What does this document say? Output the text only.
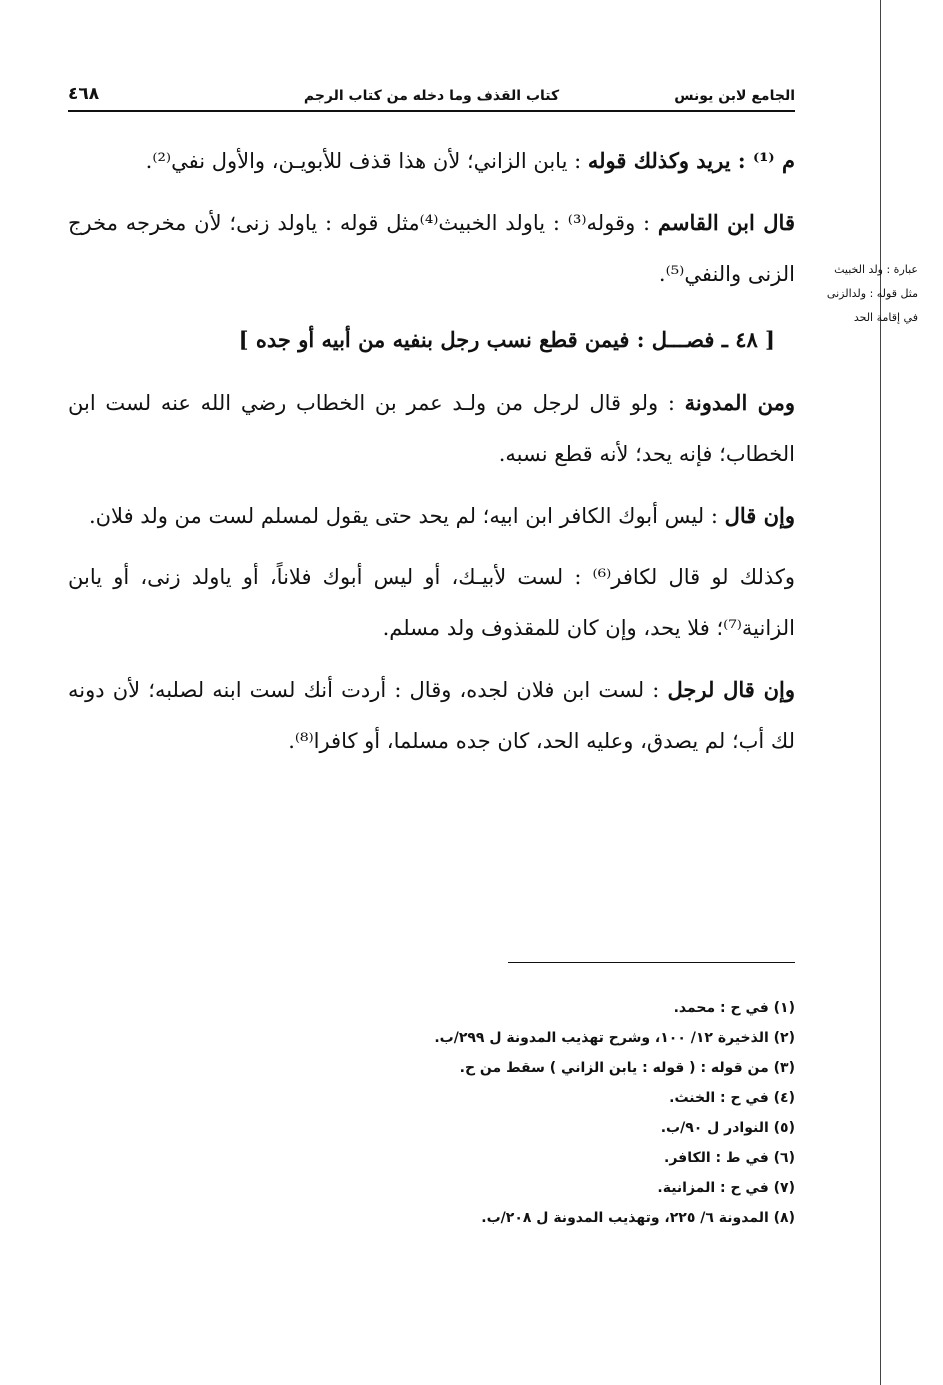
الجامع لابن يونس
كتاب القذف وما دخله من كتاب الرجم
٤٦٨
عبارة : ولد الخبيث
مثل قوله : ولدالزنى
في إقامة الحد

م ⁽¹⁾ : يريد وكذلك قوله : يابن الزاني؛ لأن هذا قذف للأبويـن، والأول نفي⁽²⁾.

قال ابن القاسم : وقوله⁽³⁾ : ياولد الخبيث⁽⁴⁾مثل قوله : ياولد زنى؛ لأن مخرجه مخرج الزنى والنفي⁽⁵⁾.

[ ٤٨ ـ فصـــل : فيمن قطع نسب رجل بنفيه من أبيه أو جده ]

ومن المدونة : ولو قال لرجل من ولـد عمر بن الخطاب رضي الله عنه لست ابن الخطاب؛ فإنه يحد؛ لأنه قطع نسبه.

وإن قال : ليس أبوك الكافر ابن ابيه؛ لم يحد حتى يقول لمسلم لست من ولد فلان.

وكذلك لو قال لكافر⁽⁶⁾ : لست لأبيـك، أو ليس أبوك فلاناً، أو ياولد زنى، أو يابن الزانية⁽⁷⁾؛ فلا يحد، وإن كان للمقذوف ولد مسلم.

وإن قال لرجل : لست ابن فلان لجده، وقال : أردت أنك لست ابنه لصلبه؛ لأن دونه لك أب؛ لم يصدق، وعليه الحد، كان جده مسلما، أو كافرا⁽⁸⁾.

(١) في ح : محمد.
(٢) الذخيرة ١٢/ ١٠٠، وشرح تهذيب المدونة ل ٢٩٩/ب.
(٣) من قوله : ( قوله : يابن الزاني ) سقط من ح.
(٤) في ح : الخنث.
(٥) النوادر ل ٩٠/ب.
(٦) في ط : الكافر.
(٧) في ح : المزانية.
(٨) المدونة ٦/ ٢٢٥، وتهذيب المدونة ل ٢٠٨/ب.
